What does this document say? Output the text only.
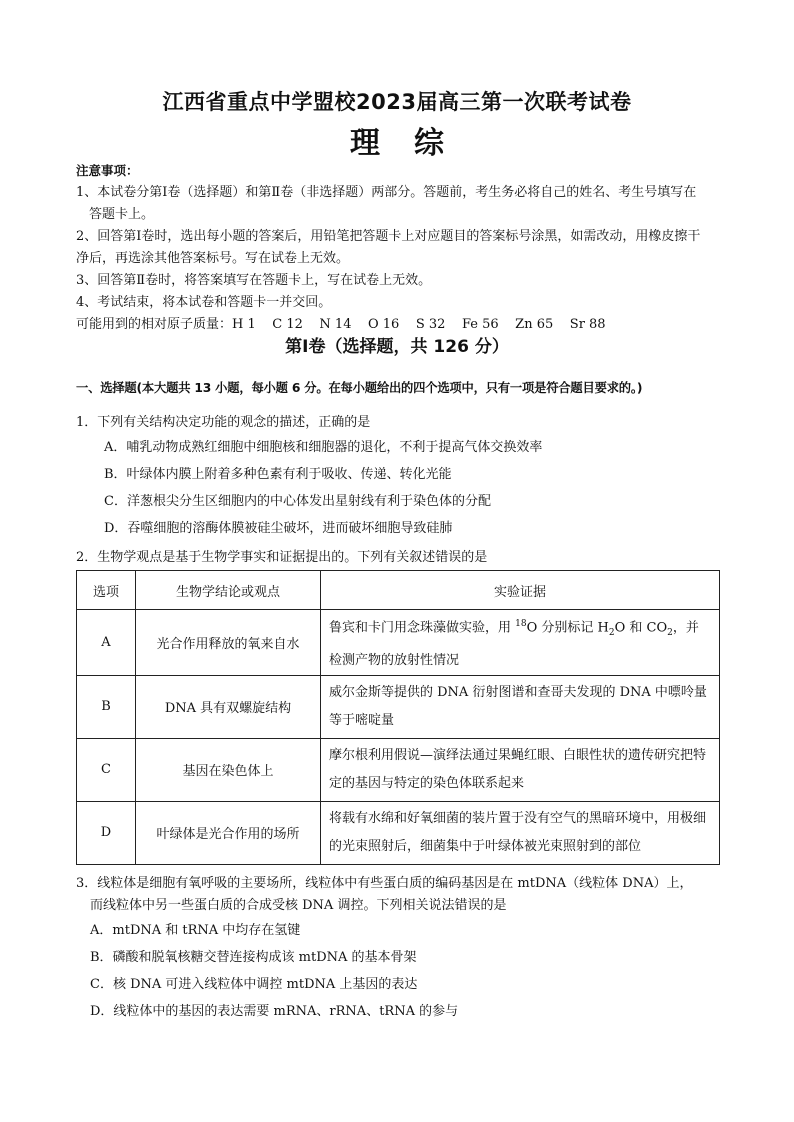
江西省重点中学盟校2023届高三第一次联考试卷
理综
注意事项：
1、本试卷分第Ⅰ卷（选择题）和第Ⅱ卷（非选择题）两部分。答题前，考生务必将自己的姓名、考生号填写在
答题卡上。
2、回答第Ⅰ卷时，选出每小题的答案后，用铅笔把答题卡上对应题目的答案标号涂黑，如需改动，用橡皮擦干
净后，再选涂其他答案标号。写在试卷上无效。
3、回答第Ⅱ卷时，将答案填写在答题卡上，写在试卷上无效。
4、考试结束，将本试卷和答题卡一并交回。
可能用到的相对原子质量：H 1    C 12    N 14    O 16    S 32    Fe 56    Zn 65    Sr 88
第Ⅰ卷（选择题，共 126 分）
一、选择题(本大题共 13 小题，每小题 6 分。在每小题给出的四个选项中，只有一项是符合题目要求的。)
1．下列有关结构决定功能的观念的描述，正确的是
A．哺乳动物成熟红细胞中细胞核和细胞器的退化，不利于提高气体交换效率
B．叶绿体内膜上附着多种色素有利于吸收、传递、转化光能
C．洋葱根尖分生区细胞内的中心体发出星射线有利于染色体的分配
D．吞噬细胞的溶酶体膜被硅尘破坏，进而破坏细胞导致硅肺
2．生物学观点是基于生物学事实和证据提出的。下列有关叙述错误的是
选项	生物学结论或观点	实验证据
A	光合作用释放的氧来自水	鲁宾和卡门用念珠藻做实验，用 $^{18}$O 分别标记 $H_2O$ 和 $CO_2$，并检测产物的放射性情况
B	DNA 具有双螺旋结构	威尔金斯等提供的 DNA 衍射图谱和查哥夫发现的 DNA 中嘌呤量等于嘧啶量
C	基因在染色体上	摩尔根利用假说—演绎法通过果蝇红眼、白眼性状的遗传研究把特定的基因与特定的染色体联系起来
D	叶绿体是光合作用的场所	将载有水绵和好氧细菌的装片置于没有空气的黑暗环境中，用极细的光束照射后，细菌集中于叶绿体被光束照射到的部位
3．线粒体是细胞有氧呼吸的主要场所，线粒体中有些蛋白质的编码基因是在 mtDNA（线粒体 DNA）上，
而线粒体中另一些蛋白质的合成受核 DNA 调控。下列相关说法错误的是
A．mtDNA 和 tRNA 中均存在氢键
B．磷酸和脱氧核糖交替连接构成该 mtDNA 的基本骨架
C．核 DNA 可进入线粒体中调控 mtDNA 上基因的表达
D．线粒体中的基因的表达需要 mRNA、rRNA、tRNA 的参与
